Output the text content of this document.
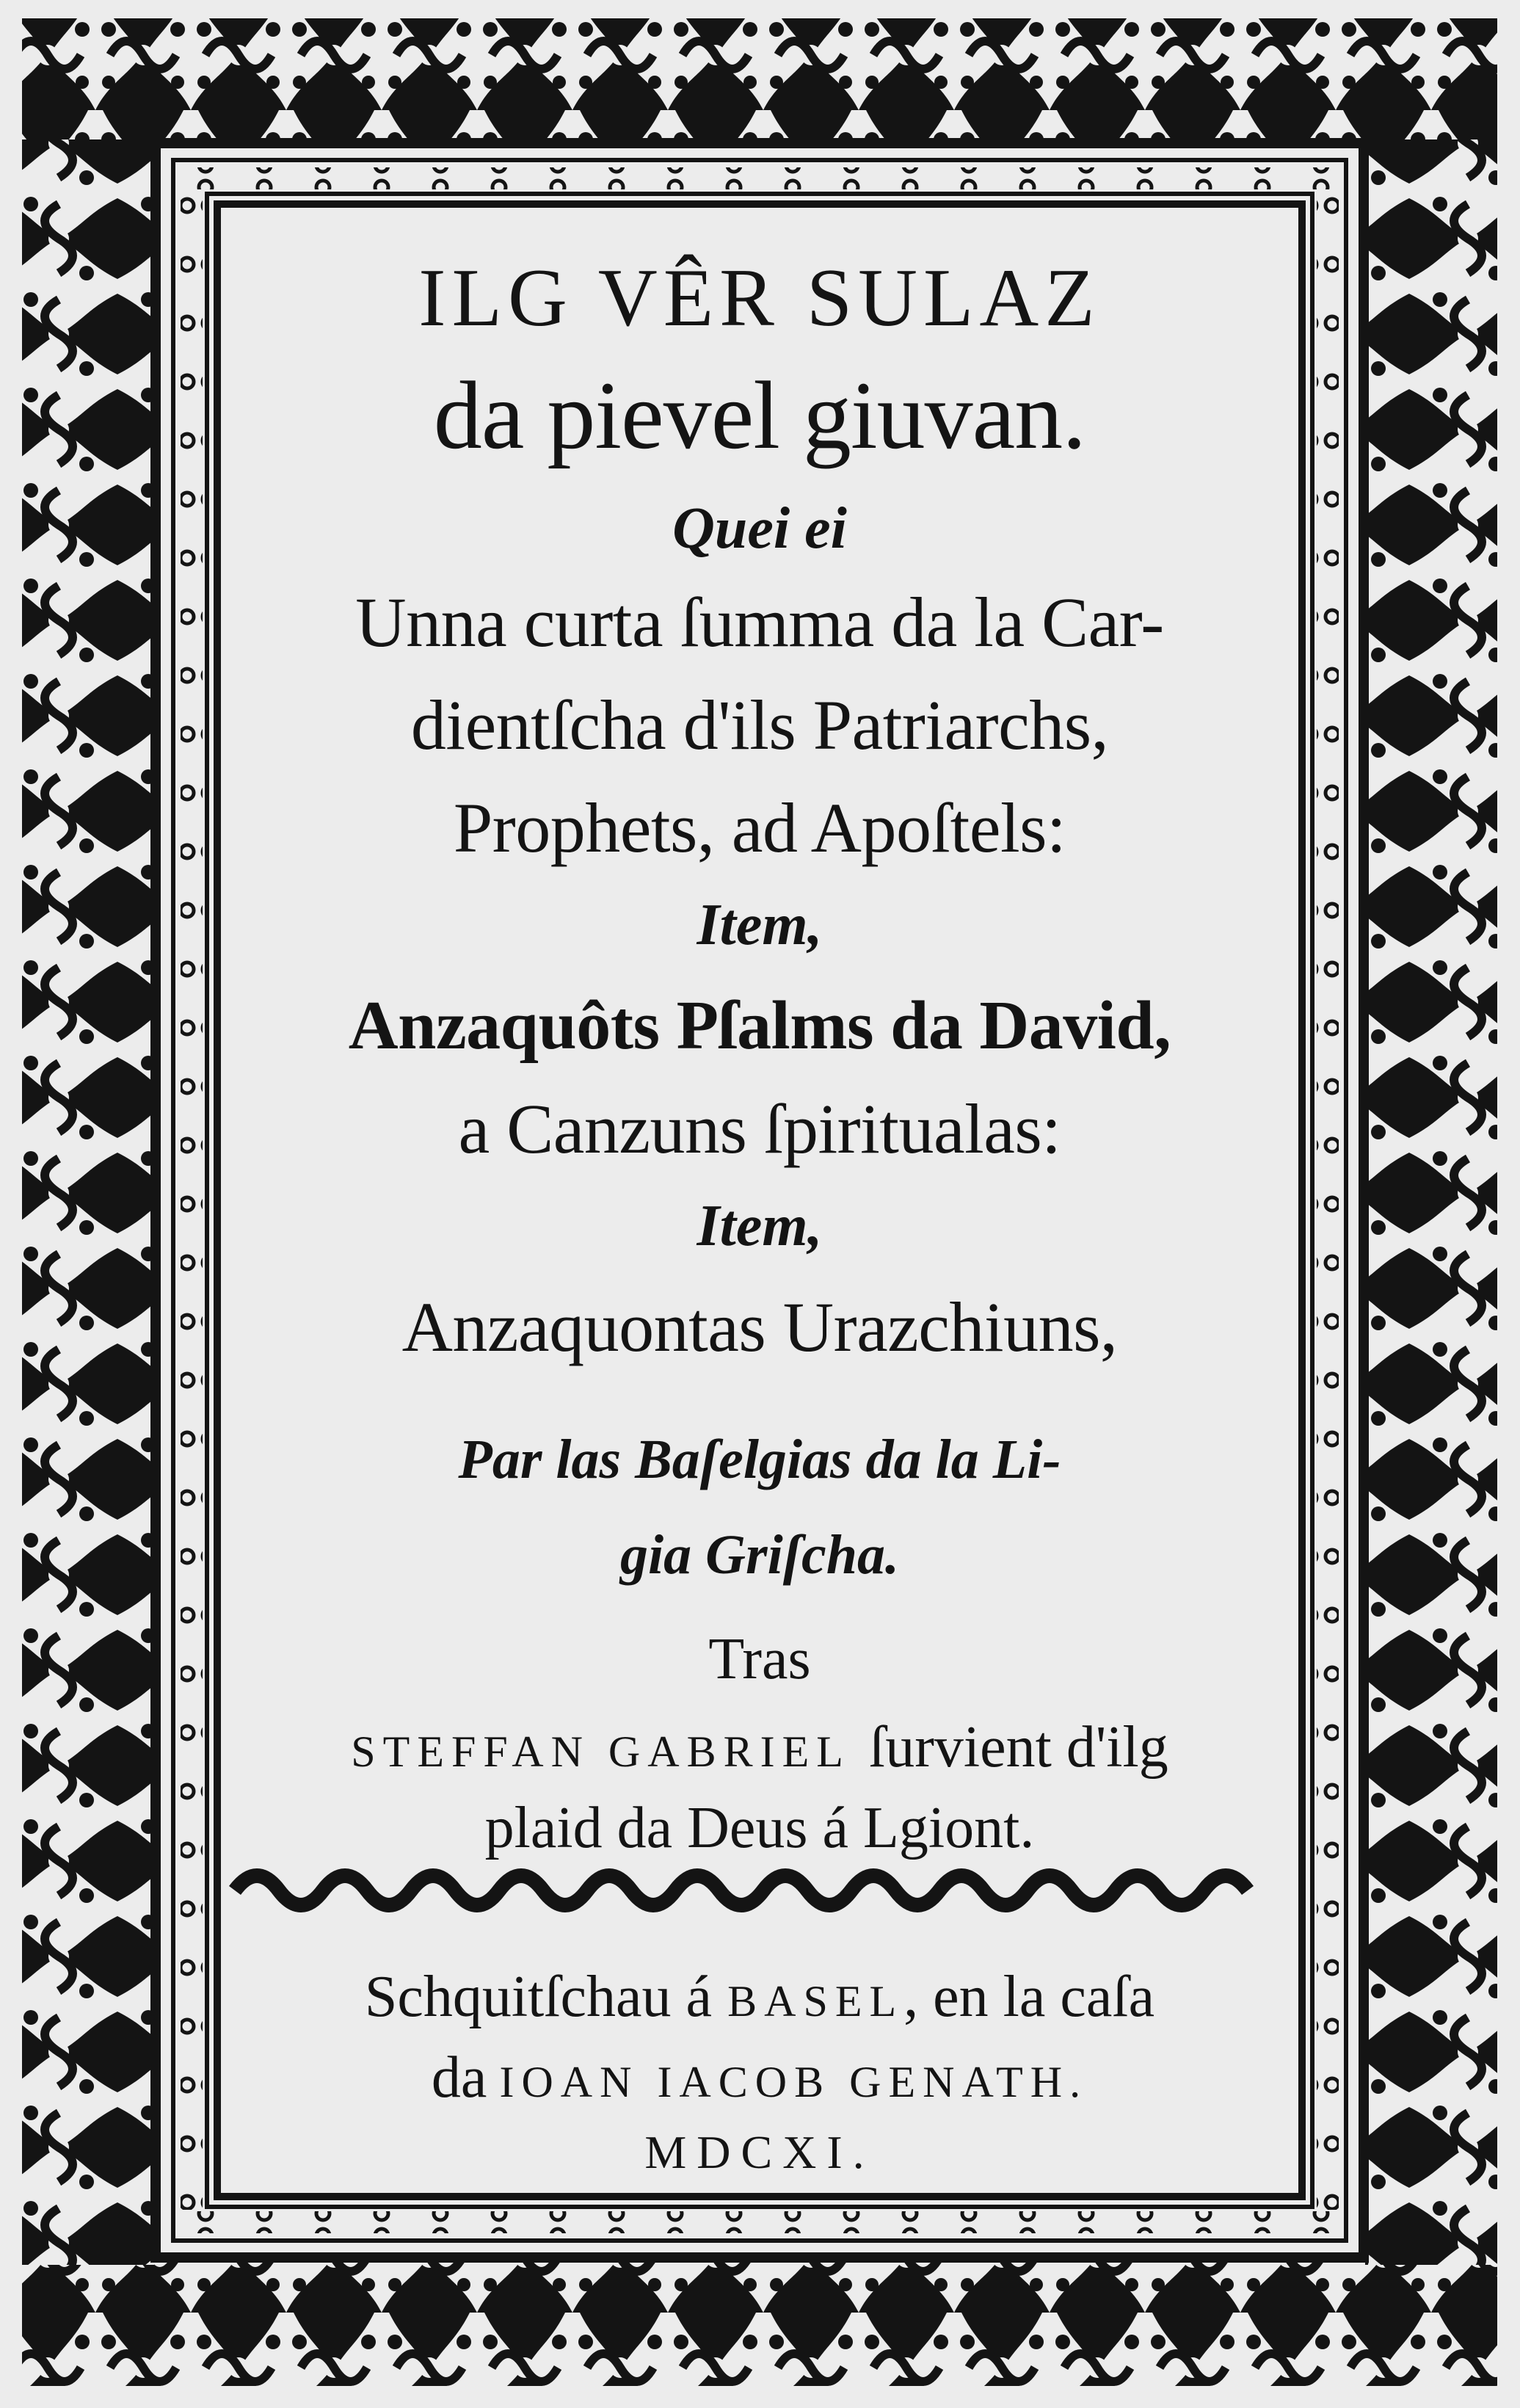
ILG VÊR SULAZ
da pievel giuvan.
Quei ei
Unna curta ſumma da la Car-
dientſcha d'ils Patriarchs,
Prophets, ad Apoſtels:
Item,
Anzaquôts Pſalms da David,
a Canzuns ſpiritualas:
Item,
Anzaquontas Urazchiuns,
Par las Baſelgias da la Li-
gia Griſcha.
Tras
STEFFAN GABRIEL ſurvient d'ilg
plaid da Deus á Lgiont.
Schquitſchau á BASEL, en la caſa
da IOAN IACOB GENATH.
MDCXI.
